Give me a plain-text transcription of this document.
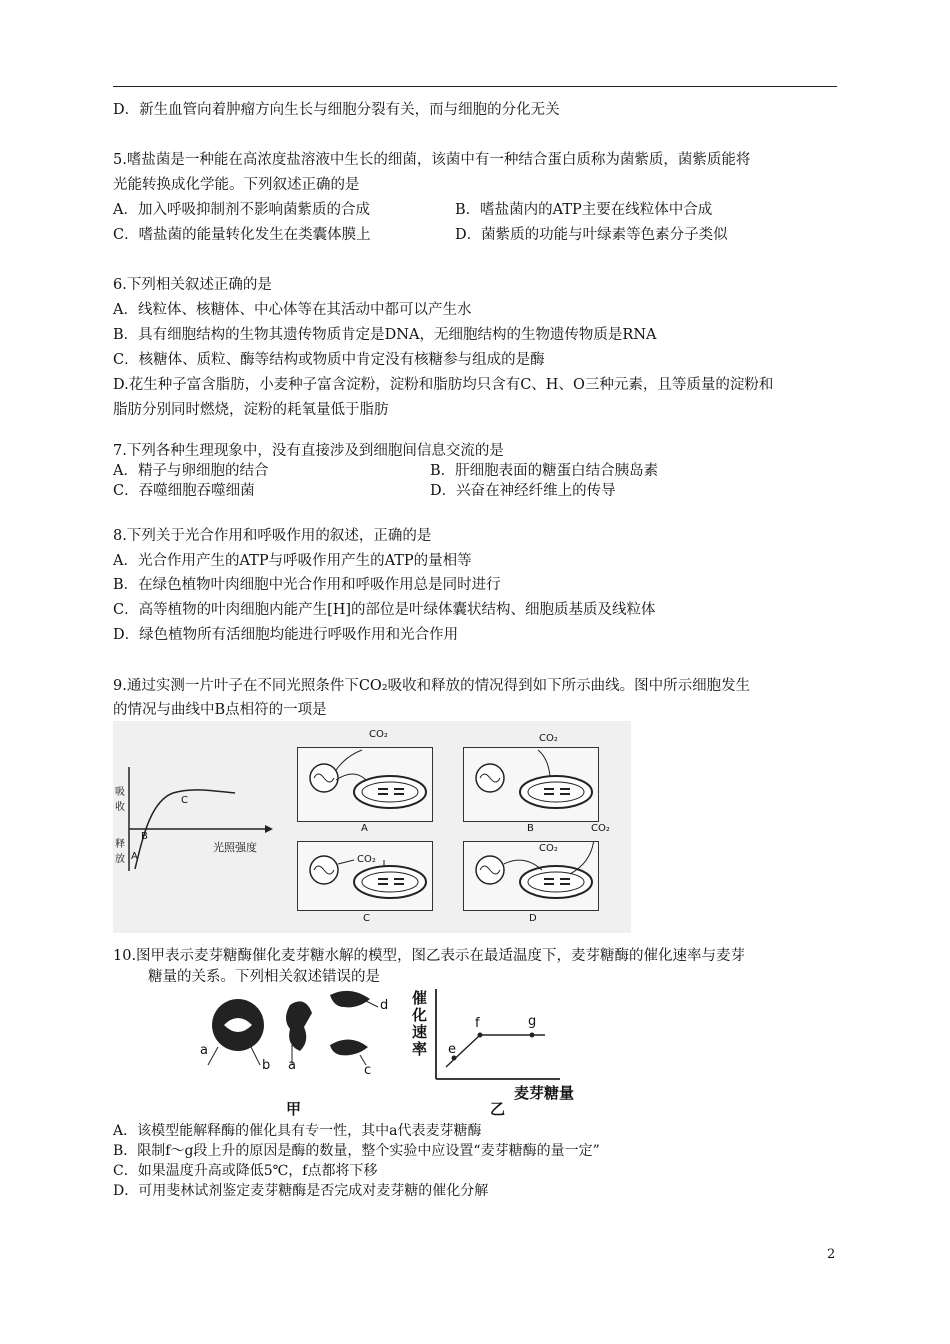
D．新生血管向着肿瘤方向生长与细胞分裂有关，而与细胞的分化无关
5.嗜盐菌是一种能在高浓度盐溶液中生长的细菌，该菌中有一种结合蛋白质称为菌紫质，菌紫质能将
光能转换成化学能。下列叙述正确的是
A．加入呼吸抑制剂不影响菌紫质的合成	B．嗜盐菌内的ATP主要在线粒体中合成
C．嗜盐菌的能量转化发生在类囊体膜上	D．菌紫质的功能与叶绿素等色素分子类似
6.下列相关叙述正确的是
A．线粒体、核糖体、中心体等在其活动中都可以产生水
B．具有细胞结构的生物其遗传物质肯定是DNA，无细胞结构的生物遗传物质是RNA
C．核糖体、质粒、酶等结构或物质中肯定没有核糖参与组成的是酶
D.花生种子富含脂肪，小麦种子富含淀粉，淀粉和脂肪均只含有C、H、O三种元素，且等质量的淀粉和
脂肪分别同时燃烧，淀粉的耗氧量低于脂肪
7.下列各种生理现象中，没有直接涉及到细胞间信息交流的是
A．精子与卵细胞的结合	B．肝细胞表面的糖蛋白结合胰岛素
C．吞噬细胞吞噬细菌	D．兴奋在神经纤维上的传导
8.下列关于光合作用和呼吸作用的叙述，正确的是
A．光合作用产生的ATP与呼吸作用产生的ATP的量相等
B．在绿色植物叶肉细胞中光合作用和呼吸作用总是同时进行
C．高等植物的叶肉细胞内能产生[H]的部位是叶绿体囊状结构、细胞质基质及线粒体
D．绿色植物所有活细胞均能进行呼吸作用和光合作用
9.通过实测一片叶子在不同光照条件下CO₂吸收和释放的情况得到如下所示曲线。图中所示细胞发生
的情况与曲线中B点相符的一项是
吸
收
释
放
光照强度
C
B
A
CO₂
A
CO₂
B
CO₂
C
CO₂
CO₂
D
10.图甲表示麦芽糖酶催化麦芽糖水解的模型，图乙表示在最适温度下，麦芽糖酶的催化速率与麦芽
糖量的关系。下列相关叙述错误的是
a
b a	c
d 催
化
速
率 e
f	g
麦芽糖量
甲	乙
A．该模型能解释酶的催化具有专一性，其中a代表麦芽糖酶
B．限制f～g段上升的原因是酶的数量，整个实验中应设置“麦芽糖酶的量一定”
C．如果温度升高或降低5℃，f点都将下移
D．可用斐林试剂鉴定麦芽糖酶是否完成对麦芽糖的催化分解
2
